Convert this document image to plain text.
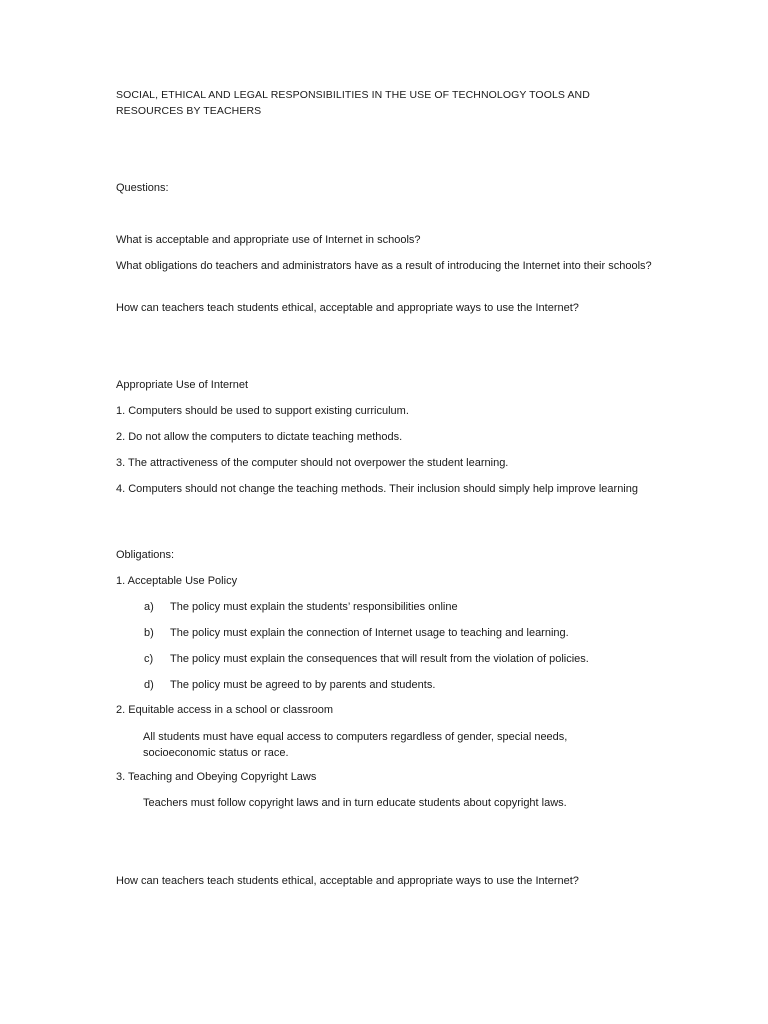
SOCIAL, ETHICAL AND LEGAL RESPONSIBILITIES IN THE USE OF TECHNOLOGY TOOLS AND RESOURCES BY TEACHERS
Questions:
What is acceptable and appropriate use of Internet in schools?
What obligations do teachers and administrators have as a result of introducing the Internet into their schools?
How can teachers teach students ethical, acceptable and appropriate ways to use the Internet?
Appropriate Use of Internet
1. Computers should be used to support existing curriculum.
2. Do not allow the computers to dictate teaching methods.
3. The attractiveness of the computer should not overpower the student learning.
4. Computers should not change the teaching methods. Their inclusion should simply help improve learning
Obligations:
1. Acceptable Use Policy
a) The policy must explain the students’ responsibilities online
b) The policy must explain the connection of Internet usage to teaching and learning.
c) The policy must explain the consequences that will result from the violation of policies.
d) The policy must be agreed to by parents and students.
2. Equitable access in a school or classroom
All students must have equal access to computers regardless of gender, special needs, socioeconomic status or race.
3. Teaching and Obeying Copyright Laws
Teachers must follow copyright laws and in turn educate students about copyright laws.
How can teachers teach students ethical, acceptable and appropriate ways to use the Internet?
